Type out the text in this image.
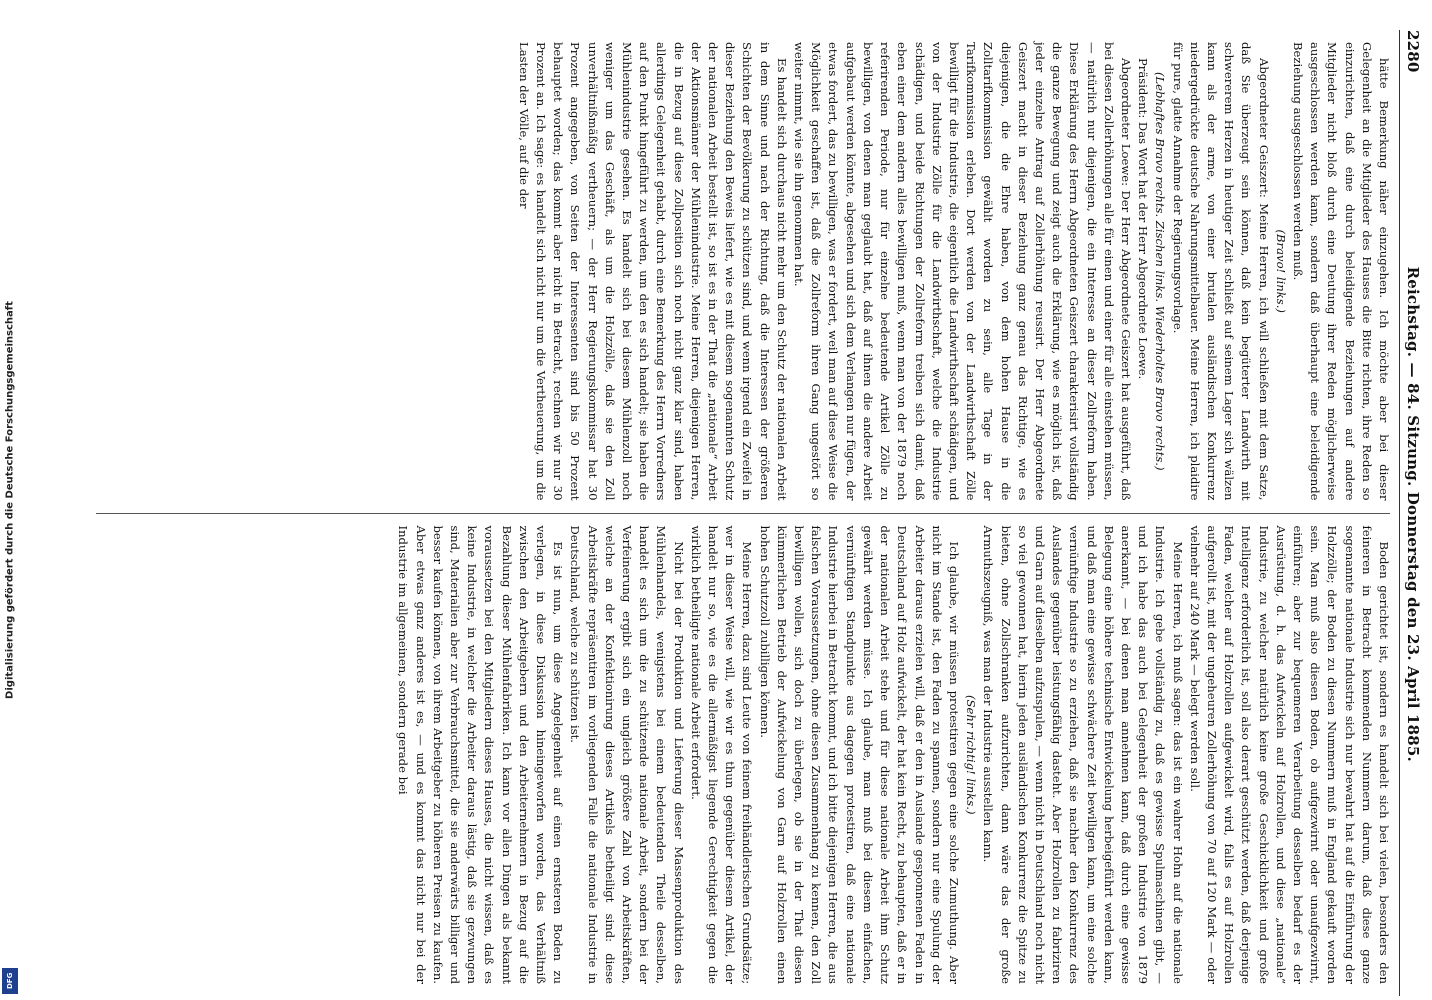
Digitalisierung gefördert durch die Deutsche Forschungsgemeinschaft
DFG
2280
Reichstag. — 84. Sitzung. Donnerstag den 23. April 1885.

hätte Bemerkung näher einzugehen. Ich möchte aber bei dieser Gelegenheit an die Mitglieder des Hauses die Bitte richten, ihre Reden so einzurichten, daß eine durch beleidigende Beziehungen auf andere Mitglieder nicht bloß durch eine Deutung ihrer Reden möglicherweise ausgeschlossen werden kann, sondern daß überhaupt eine beleidigende Beziehung ausgeschlossen werden muß.

(Bravo! links.)

Abgeordneter Geiszert: Meine Herren, ich will schließen mit dem Satze, daß Sie überzeugt sein können, daß kein begüterter Landwirth mit schwererem Herzen in heutiger Zeit schließt auf seinem Lager sich wälzen kann als der arme, von einer brutalen ausländischen Konkurrenz niedergedrückte deutsche Nahrungsmittelbauer. Meine Herren, ich plaidire für pure, glatte Annahme der Regierungsvorlage.

(Lebhaftes Bravo rechts. Zischen links. Wiederholtes Bravo rechts.)

Präsident: Das Wort hat der Herr Abgeordnete Loewe.

Abgeordneter Loewe: Der Herr Abgeordnete Geiszert hat ausgeführt, daß bei diesen Zollerhöhungen alle für einen und einer für alle einstehen müssen, — natürlich nur diejenigen, die ein Interesse an dieser Zollreform haben. Diese Erklärung des Herrn Abgeordneten Geiszert charakterisirt vollständig die ganze Bewegung und zeigt auch die Erklärung, wie es möglich ist, daß jeder einzelne Antrag auf Zollerhöhung reussirt. Der Herr Abgeordnete Geiszert macht in dieser Beziehung ganz genau das Richtige, wie es diejenigen, die die Ehre haben, von dem hohen Hause in die Zolltarifkommission gewählt worden zu sein, alle Tage in der Tarifkommission erleben. Dort werden von der Landwirthschaft Zölle bewilligt für die Industrie, die eigentlich die Landwirthschaft schädigen, und von der Industrie Zölle für die Landwirthschaft, welche die Industrie schädigen, und beide Richtungen der Zollreform treiben sich damit, daß eben einer dem andern alles bewilligen muß, wenn man von der 1879 noch referirenden Periode, nur für einzelne bedeutende Artikel Zölle zu bewilligen, von denen man geglaubt hat, daß auf ihnen die andere Arbeit aufgebaut werden könnte, abgesehen und sich dem Verlangen nur fügen, der etwas fordert, das zu bewilligen, was er fordert, weil man auf diese Weise die Möglichkeit geschaffen ist, daß die Zollreform ihren Gang ungestört so weiter nimmt, wie sie ihn genommen hat.

Es handelt sich durchaus nicht mehr um den Schutz der nationalen Arbeit in dem Sinne und nach der Richtung, daß die Interessen der größeren Schichten der Bevölkerung zu schützen sind, und wenn irgend ein Zweifel in dieser Beziehung den Beweis liefert, wie es mit diesem sogenannten Schutz der nationalen Arbeit bestellt ist, so ist es in der That die „nationale“ Arbeit der Aktionsmänner der Mühlenindustrie. Meine Herren, diejenigen Herren, die in Bezug auf diese Zollposition sich noch nicht ganz klar sind, haben allerdings Gelegenheit gehabt, durch eine Bemerkung des Herrn Vorredners auf den Punkt hingeführt zu werden, um den es sich handelt; sie haben die Mühlenindustrie gesehen. Es handelt sich bei diesem Mühlenzoll noch weniger um das Geschäft, als um die Holzzölle, daß sie den Zoll unverhältnißmäßig vertheuern; — der Herr Regierungskommissar hat 30 Prozent angegeben, von Seiten der Interessenten sind bis 50 Prozent behauptet worden; das kommt aber nicht in Betracht, rechnen wir nur 30 Prozent an. Ich sage: es handelt sich nicht nur um die Vertheuerung, um die Lasten der Völle, auf die der

Boden gerichtet ist, sondern es handelt sich bei vielen, besonders den feineren in Betracht kommenden Nummern darum, daß diese ganze sogenannte nationale Industrie sich nur bewahrt hat auf die Einführung der Holzzölle; der Boden zu diesen Nummern muß in England gekauft worden sein. Man muß also diesen Boden, ob aufgezwirnt oder unaufgezwirnt, einführen; aber zur bequemeren Verarbeitung desselben bedarf es der Ausrüstung, d. h. das Aufwickeln auf Holzrollen, und diese „nationale“ Industrie, zu welcher natürlich keine große Geschicklichkeit und große Intelligenz erforderlich ist, soll also derart geschützt werden, daß derjenige Faden, welcher auf Holzrollen aufgewickelt wird, falls es auf Holzrollen aufgerollt ist, mit der ungeheuren Zollerhöhung von 70 auf 120 Mark — oder vielmehr auf 240 Mark — belegt werden soll.

Meine Herren, ich muß sagen: das ist ein wahrer Hohn auf die nationale Industrie. Ich gebe vollständig zu, daß es gewisse Spulmaschinen gibt, — und ich habe das auch bei Gelegenheit der großen Industrie von 1879 anerkannt, — bei denen man annehmen kann, daß durch eine gewisse Belegung eine höhere technische Entwickelung herbeigeführt werden kann, und daß man eine gewisse schwächere Zeit bewilligen kann, um eine solche vernünftige Industrie so zu erziehen, daß sie nachher den Konkurrenz des Auslandes gegenüber leistungsfähig dasteht. Aber Holzrollen zu fabriziren und Garn auf dieselben aufzuspulen, — wenn nicht in Deutschland noch nicht so viel gewonnen hat, hierin jeden ausländischen Konkurrenz die Spitze zu bieten, ohne Zollschranken aufzurichten, dann wäre das der große Armuthszeugniß, was man der Industrie ausstellen kann.

(Sehr richtig! links.)

Ich glaube, wir müssen protestiren gegen eine solche Zumuthung. Aber nicht im Stande ist, den Faden zu spannen, sondern nur eine Spulung der Arbeiter daraus erzielen will, daß er den in Auslande gesponnenen Faden in Deutschland auf Holz aufwickelt, der hat kein Recht, zu behaupten, daß er in der nationalen Arbeit stehe und für diese nationale Arbeit ihm Schutz gewährt werden müsse. Ich glaube, man muß bei diesem einfachen, vernünftigen Standpunkte aus dagegen protestiren, daß eine nationale Industrie hierbei in Betracht kommt, und ich bitte diejenigen Herren, die aus falschen Voraussetzungen, ohne diesen Zusammenhang zu kennen, den Zoll bewilligen wollen, sich doch zu überlegen, ob sie in der That diesen kümmerlichen Betrieb der Aufwickelung von Garn auf Holzrollen einen hohen Schutzzoll zubilligen können.

Meine Herren, dazu sind Leute von feinem freihändlerischen Grundsätze; wer in dieser Weise will, wie wir es thun gegenüber diesem Artikel, der handelt nur so, wie es die allermäßigst liegende Gerechtigkeit gegen die wirklich betheiligte nationale Arbeit erfordert.

Nicht bei der Produktion und Lieferung dieser Massenproduktion des Mühlenhandels, wenigstens bei einem bedeutenden Theile desselben, handelt es sich um die zu schützende nationale Arbeit, sondern bei der Verfeinerung ergibt sich ein ungleich größere Zahl von Arbeitskräften, welche an der Konfektionirung dieses Artikels betheiligt sind: diese Arbeitskräfte repräsentiren im vorliegenden Falle die nationale Industrie in Deutschland, welche zu schützen ist.

Es ist nun, um diese Angelegenheit auf einen ernsteren Boden zu verlegen, in diese Diskussion hineingeworfen worden, das Verhältniß zwischen den Arbeitgebern und den Arbeiternehmern in Bezug auf die Bezahlung dieser Mühlenfabriken. Ich kann vor allen Dingen als bekannt voraussetzen bei den Mitgliedern dieses Hauses, die nicht wissen, daß es keine Industrie, in welcher die Arbeiter daraus lästig, daß sie gezwungen sind, Materialien aber zur Verbrauchsmittel, die sie anderwärts billiger und besser kaufen können, von ihrem Arbeitgeber zu höheren Preisen zu kaufen. Aber etwas ganz anderes ist es, — und es kommt das nicht nur bei der Industrie im allgemeinen, sondern gerade bei
